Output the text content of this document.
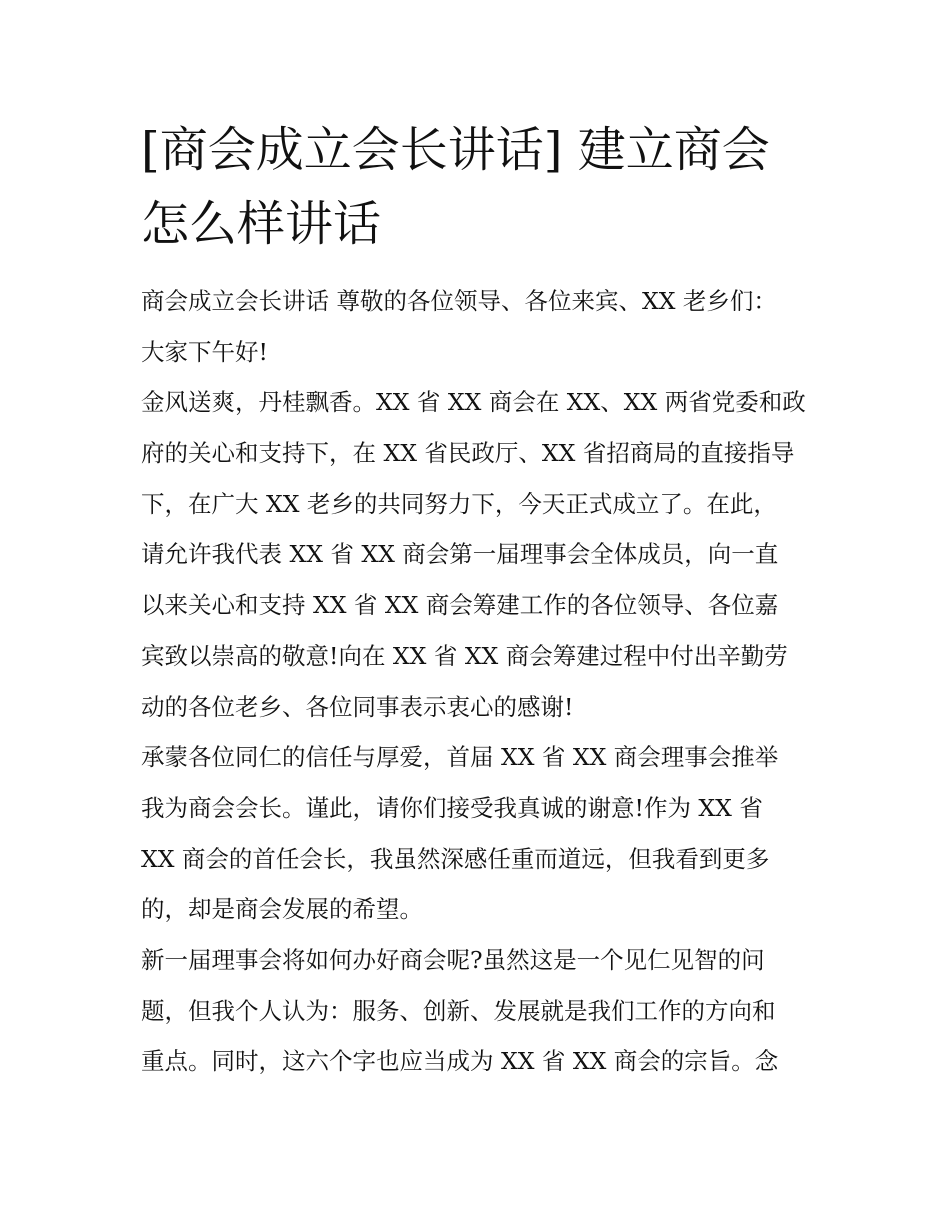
[商会成立会长讲话] 建立商会
怎么样讲话
商会成立会长讲话 尊敬的各位领导、各位来宾、XX 老乡们：
大家下午好!
金风送爽，丹桂飘香。XX 省 XX 商会在 XX、XX 两省党委和政
府的关心和支持下，在 XX 省民政厅、XX 省招商局的直接指导
下，在广大 XX 老乡的共同努力下，今天正式成立了。在此，
请允许我代表 XX 省 XX 商会第一届理事会全体成员，向一直
以来关心和支持 XX 省 XX 商会筹建工作的各位领导、各位嘉
宾致以崇高的敬意!向在 XX 省 XX 商会筹建过程中付出辛勤劳
动的各位老乡、各位同事表示衷心的感谢!
承蒙各位同仁的信任与厚爱，首届 XX 省 XX 商会理事会推举
我为商会会长。谨此，请你们接受我真诚的谢意!作为 XX 省
XX 商会的首任会长，我虽然深感任重而道远，但我看到更多
的，却是商会发展的希望。
新一届理事会将如何办好商会呢?虽然这是一个见仁见智的问
题，但我个人认为：服务、创新、发展就是我们工作的方向和
重点。同时，这六个字也应当成为 XX 省 XX 商会的宗旨。念
